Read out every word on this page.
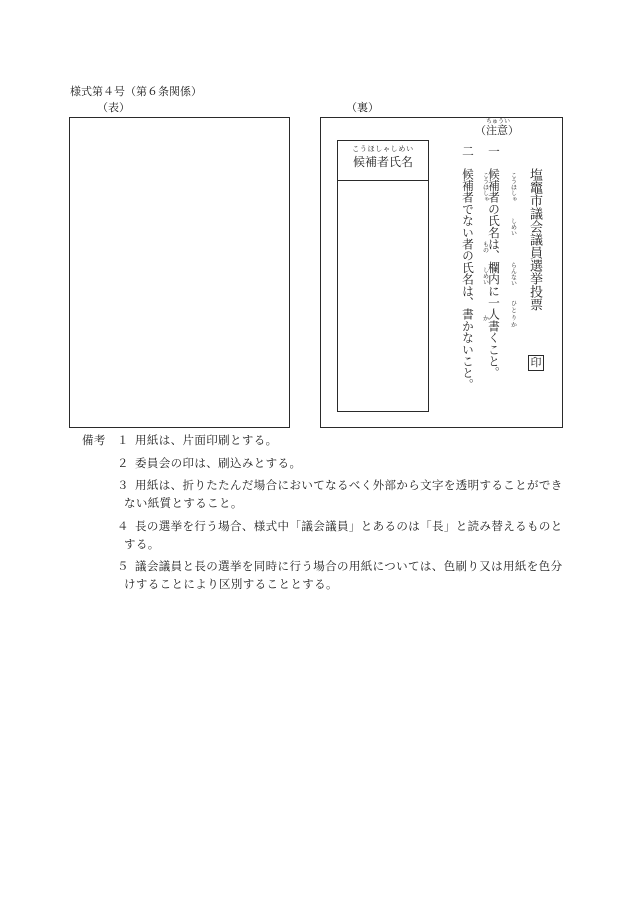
様式第４号（第６条関係）
（表）	（裏）
こうほしゃしめい
候補者氏名
二候補者でない者の氏名は、書かないこと。 こうほしゃ
もの
しめい
か
一候補者の氏名は、欄内に一人書くこと。 こうほしゃ
しめい
らんない
ひとりか
ちゅうい
（注意）
塩竈市議会議員選挙投票
印
備考 １ 用紙は、片面印刷とする。
２ 委員会の印は、刷込みとする。
３ 用紙は、折りたたんだ場合においてなるべく外部から文字を透明することができ
ない紙質とすること。
４ 長の選挙を行う場合、様式中「議会議員」とあるのは「長」と読み替えるものと
する。
５ 議会議員と長の選挙を同時に行う場合の用紙については、色刷り又は用紙を色分
けすることにより区別することとする。
